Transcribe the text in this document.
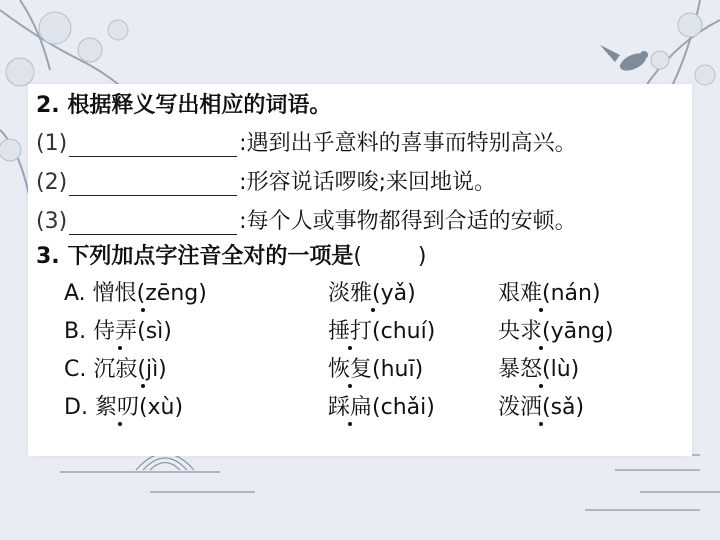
2. 根据释义写出相应的词语。
(1)	:遇到出乎意料的喜事而特别高兴。
(2)	:形容说话啰唆;来回地说。
(3)	:每个人或事物都得到合适的安顿。
3. 下列加点字注音全对的一项是(	)
A. 憎恨(zēng)	淡雅(yǎ)	艰难(nán)
B. 侍弄(sì)	捶打(chuí)	央求(yāng)
C. 沉寂(jì)	恢复(huī)	暴怒(lù)
D. 絮叨(xù)	踩扁(chǎi)	泼洒(sǎ)
